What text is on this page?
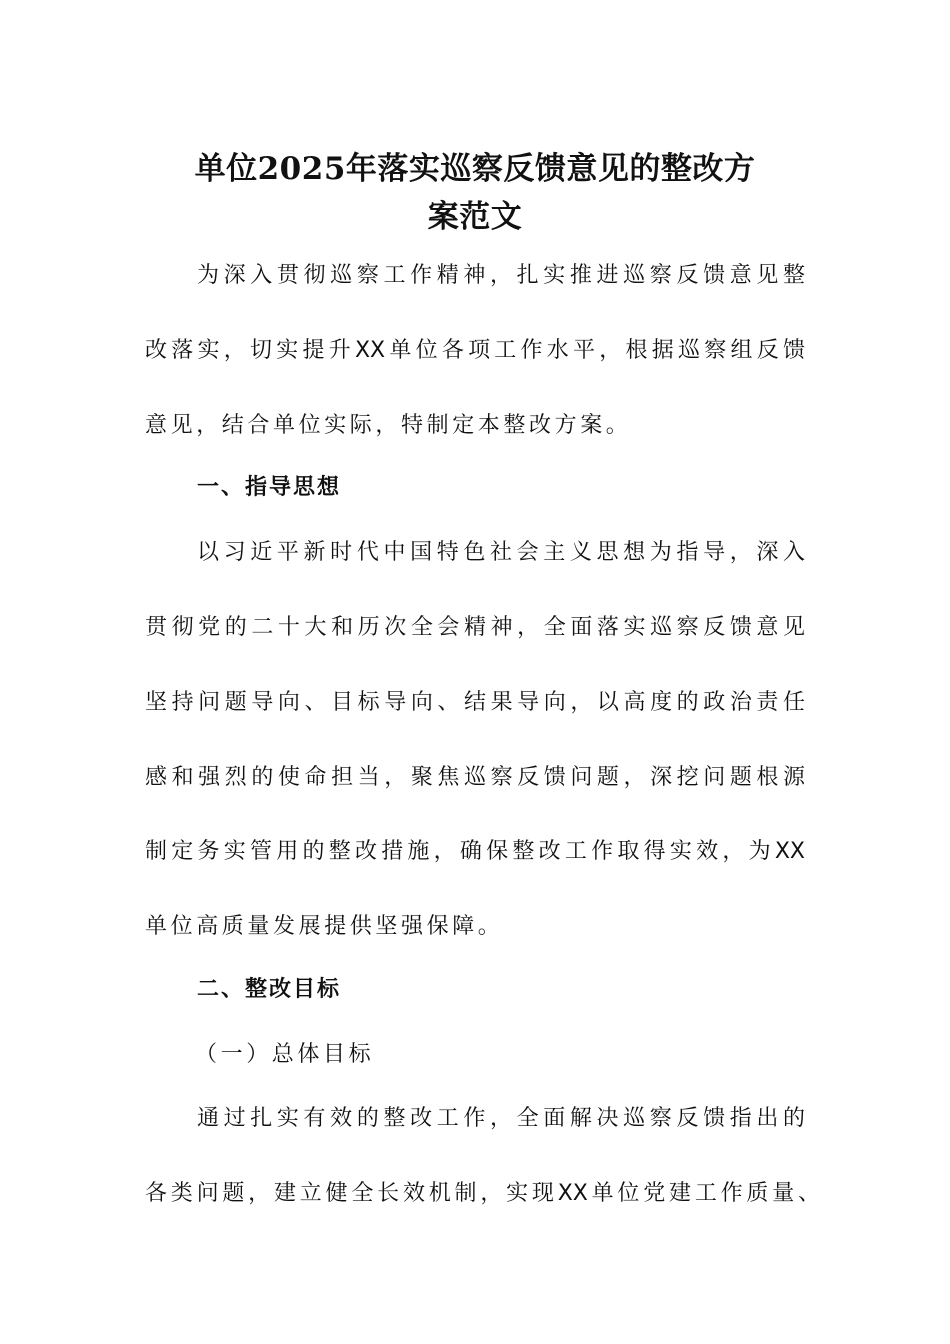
单位2025年落实巡察反馈意见的整改方
案范文

为深入贯彻巡察工作精神，扎实推进巡察反馈意见整

改落实，切实提升XX单位各项工作水平，根据巡察组反馈

意见，结合单位实际，特制定本整改方案。

一、指导思想

以习近平新时代中国特色社会主义思想为指导，深入

贯彻党的二十大和历次全会精神，全面落实巡察反馈意见

坚持问题导向、目标导向、结果导向，以高度的政治责任

感和强烈的使命担当，聚焦巡察反馈问题，深挖问题根源

制定务实管用的整改措施，确保整改工作取得实效，为XX

单位高质量发展提供坚强保障。

二、整改目标

（一）总体目标

通过扎实有效的整改工作，全面解决巡察反馈指出的

各类问题，建立健全长效机制，实现XX单位党建工作质量、
